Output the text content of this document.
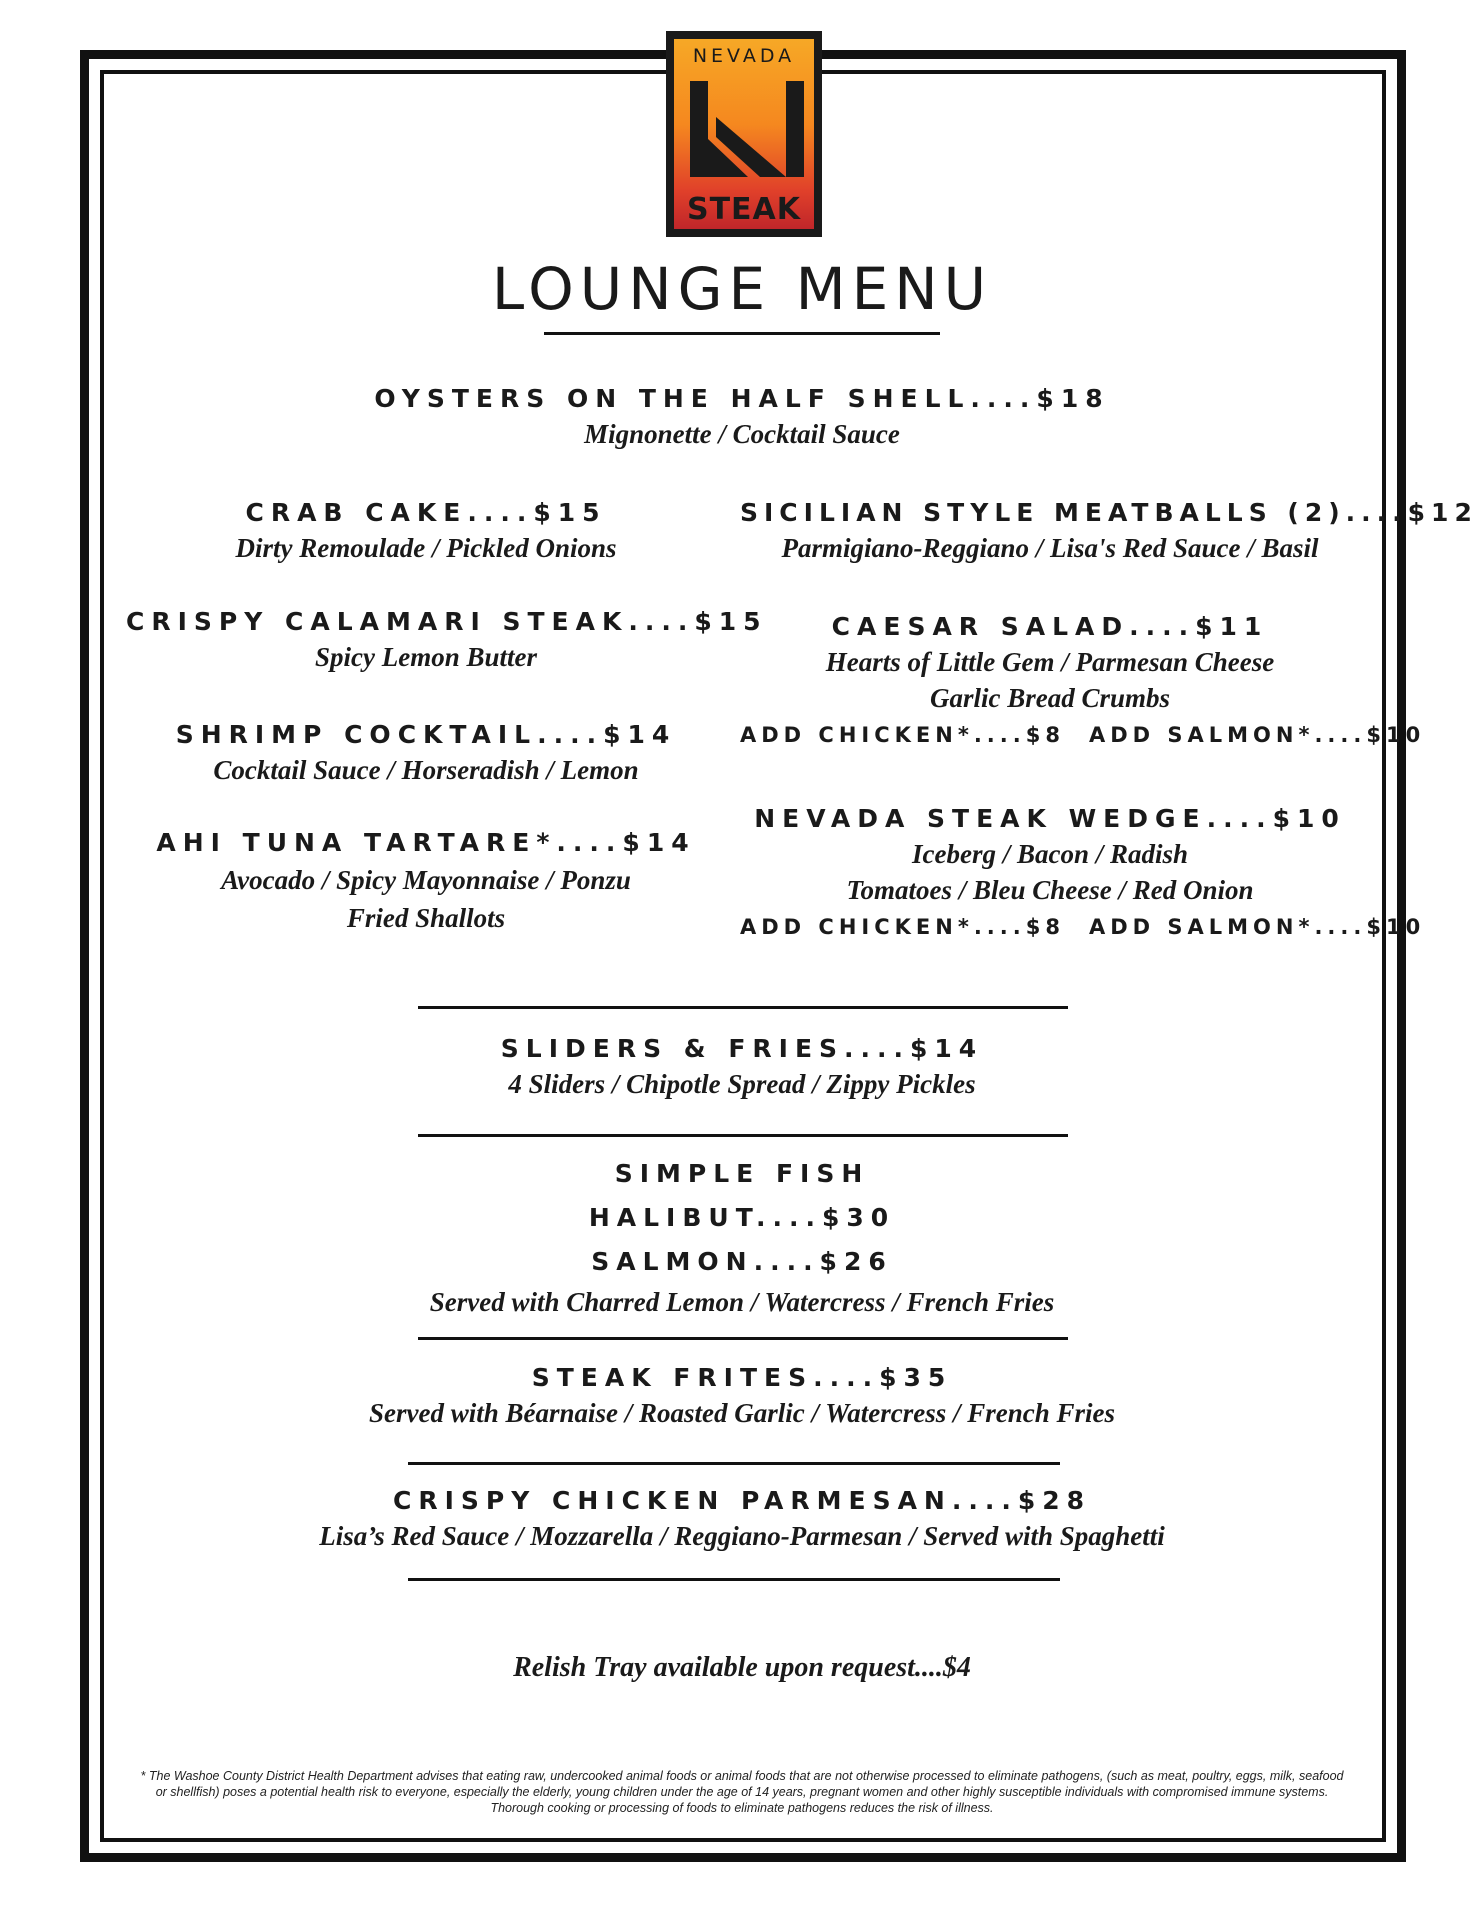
NEVADA
STEAK
LOUNGE MENU
OYSTERS ON THE HALF SHELL....$18
Mignonette / Cocktail Sauce
CRAB CAKE....$15
Dirty Remoulade / Pickled Onions
CRISPY CALAMARI STEAK....$15
Spicy Lemon Butter
SHRIMP COCKTAIL....$14
Cocktail Sauce / Horseradish / Lemon
AHI TUNA TARTARE*....$14
Avocado / Spicy Mayonnaise / Ponzu
Fried Shallots
SICILIAN STYLE MEATBALLS (2)....$12
Parmigiano-Reggiano / Lisa's Red Sauce / Basil
CAESAR SALAD....$11
Hearts of Little Gem / Parmesan Cheese
Garlic Bread Crumbs
ADD CHICKEN*....$8 ADD SALMON*....$10
NEVADA STEAK WEDGE....$10
Iceberg / Bacon / Radish
Tomatoes / Bleu Cheese / Red Onion
ADD CHICKEN*....$8 ADD SALMON*....$10
SLIDERS & FRIES....$14
4 Sliders / Chipotle Spread / Zippy Pickles
SIMPLE FISH
HALIBUT....$30
SALMON....$26
Served with Charred Lemon / Watercress / French Fries
STEAK FRITES....$35
Served with Béarnaise / Roasted Garlic / Watercress / French Fries
CRISPY CHICKEN PARMESAN....$28
Lisa’s Red Sauce / Mozzarella / Reggiano-Parmesan / Served with Spaghetti
Relish Tray available upon request....$4
* The Washoe County District Health Department advises that eating raw, undercooked animal foods or animal foods that are not otherwise processed to eliminate pathogens, (such as meat, poultry, eggs, milk, seafood or shellfish) poses a potential health risk to everyone, especially the elderly, young children under the age of 14 years, pregnant women and other highly susceptible individuals with compromised immune systems. Thorough cooking or processing of foods to eliminate pathogens reduces the risk of illness.
